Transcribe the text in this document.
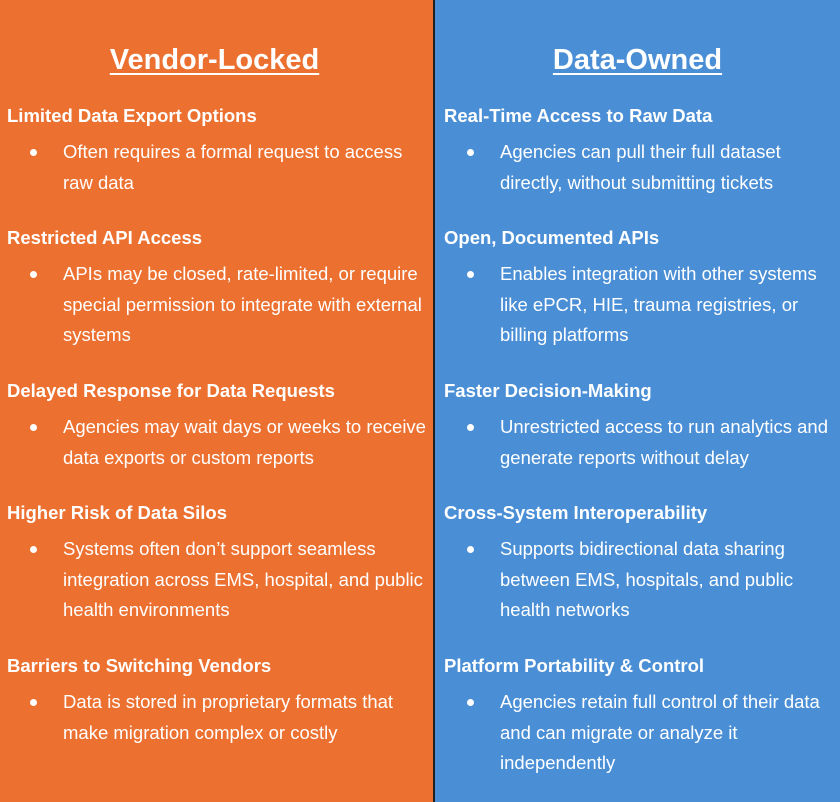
Vendor-Locked
Limited Data Export Options
Often requires a formal request to access raw data
Restricted API Access
APIs may be closed, rate-limited, or require special permission to integrate with external systems
Delayed Response for Data Requests
Agencies may wait days or weeks to receive data exports or custom reports
Higher Risk of Data Silos
Systems often don’t support seamless integration across EMS, hospital, and public health environments
Barriers to Switching Vendors
Data is stored in proprietary formats that make migration complex or costly
Data-Owned
Real-Time Access to Raw Data
Agencies can pull their full dataset directly, without submitting tickets
Open, Documented APIs
Enables integration with other systems like ePCR, HIE, trauma registries, or billing platforms
Faster Decision-Making
Unrestricted access to run analytics and generate reports without delay
Cross-System Interoperability
Supports bidirectional data sharing between EMS, hospitals, and public health networks
Platform Portability & Control
Agencies retain full control of their data and can migrate or analyze it independently
